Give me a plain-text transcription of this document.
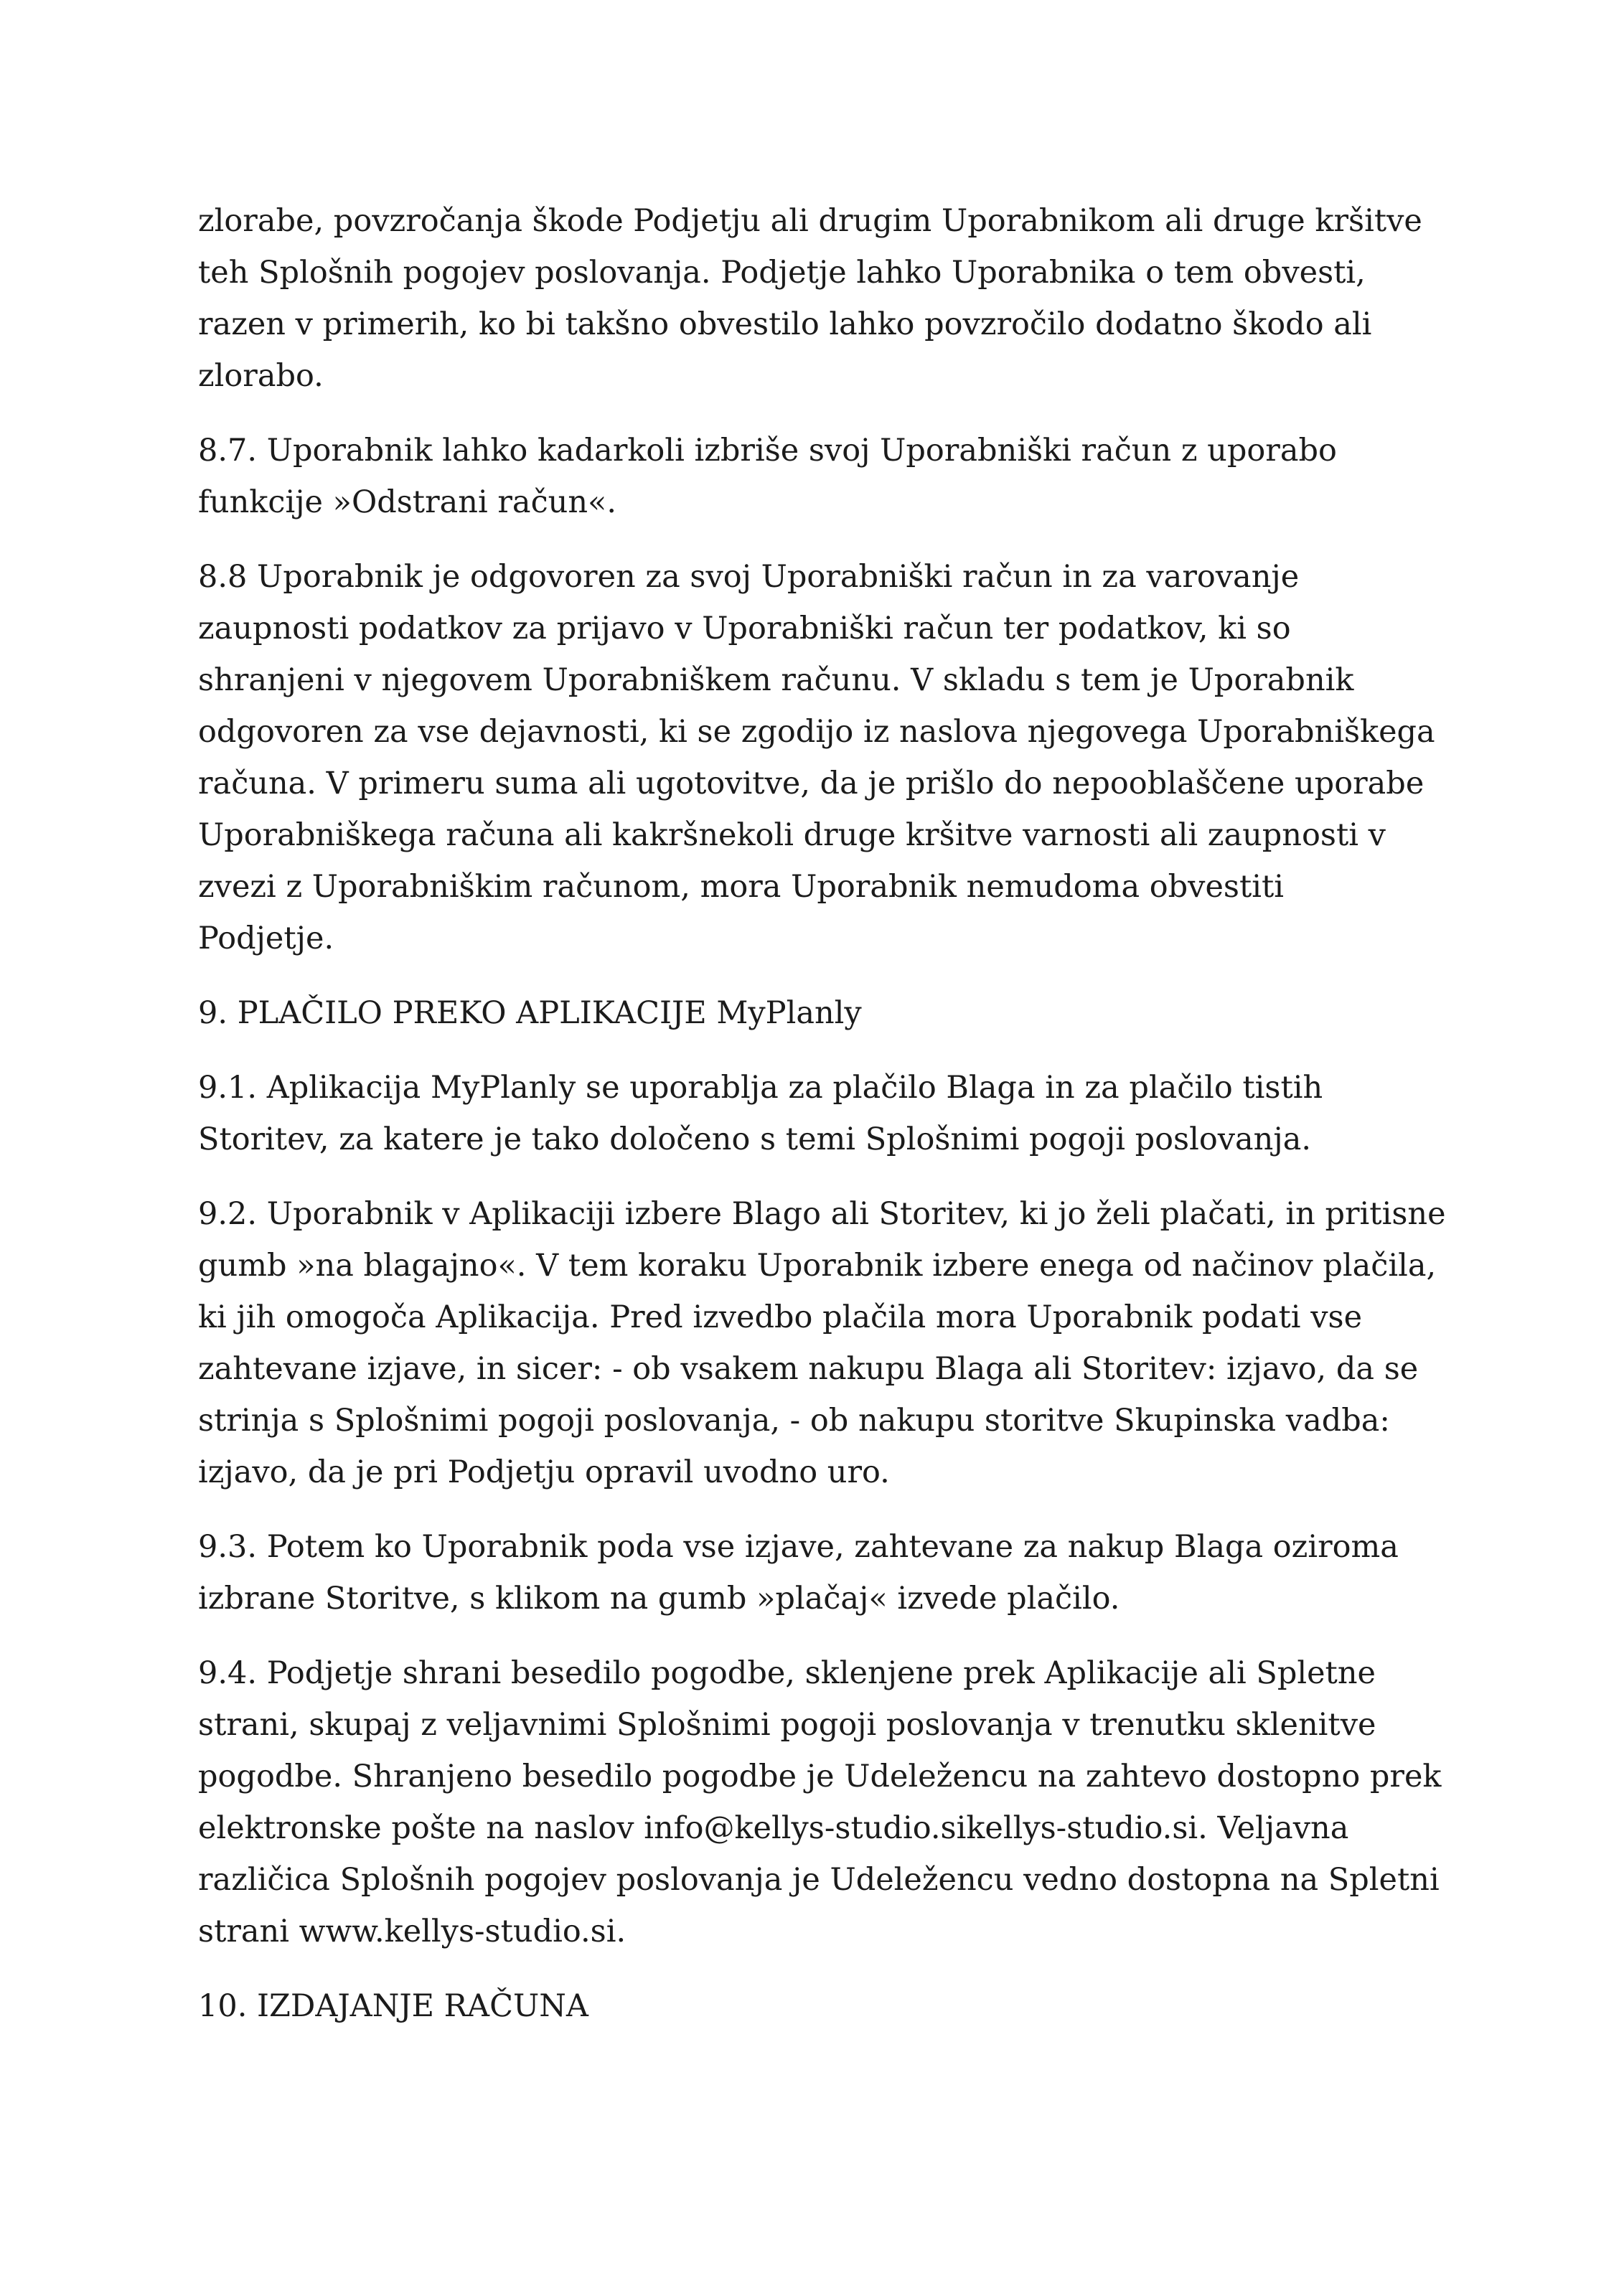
zlorabe, povzročanja škode Podjetju ali drugim Uporabnikom ali druge kršitve
teh Splošnih pogojev poslovanja. Podjetje lahko Uporabnika o tem obvesti,
razen v primerih, ko bi takšno obvestilo lahko povzročilo dodatno škodo ali
zlorabo.

8.7. Uporabnik lahko kadarkoli izbriše svoj Uporabniški račun z uporabo
funkcije »Odstrani račun«.

8.8 Uporabnik je odgovoren za svoj Uporabniški račun in za varovanje
zaupnosti podatkov za prijavo v Uporabniški račun ter podatkov, ki so
shranjeni v njegovem Uporabniškem računu. V skladu s tem je Uporabnik
odgovoren za vse dejavnosti, ki se zgodijo iz naslova njegovega Uporabniškega
računa. V primeru suma ali ugotovitve, da je prišlo do nepooblaščene uporabe
Uporabniškega računa ali kakršnekoli druge kršitve varnosti ali zaupnosti v
zvezi z Uporabniškim računom, mora Uporabnik nemudoma obvestiti
Podjetje.

9. PLAČILO PREKO APLIKACIJE MyPlanly

9.1. Aplikacija MyPlanly se uporablja za plačilo Blaga in za plačilo tistih
Storitev, za katere je tako določeno s temi Splošnimi pogoji poslovanja.

9.2. Uporabnik v Aplikaciji izbere Blago ali Storitev, ki jo želi plačati, in pritisne
gumb »na blagajno«. V tem koraku Uporabnik izbere enega od načinov plačila,
ki jih omogoča Aplikacija. Pred izvedbo plačila mora Uporabnik podati vse
zahtevane izjave, in sicer: - ob vsakem nakupu Blaga ali Storitev: izjavo, da se
strinja s Splošnimi pogoji poslovanja, - ob nakupu storitve Skupinska vadba:
izjavo, da je pri Podjetju opravil uvodno uro.

9.3. Potem ko Uporabnik poda vse izjave, zahtevane za nakup Blaga oziroma
izbrane Storitve, s klikom na gumb »plačaj« izvede plačilo.

9.4. Podjetje shrani besedilo pogodbe, sklenjene prek Aplikacije ali Spletne
strani, skupaj z veljavnimi Splošnimi pogoji poslovanja v trenutku sklenitve
pogodbe. Shranjeno besedilo pogodbe je Udeležencu na zahtevo dostopno prek
elektronske pošte na naslov info@kellys-studio.sikellys-studio.si. Veljavna
različica Splošnih pogojev poslovanja je Udeležencu vedno dostopna na Spletni
strani www.kellys-studio.si.

10. IZDAJANJE RAČUNA
